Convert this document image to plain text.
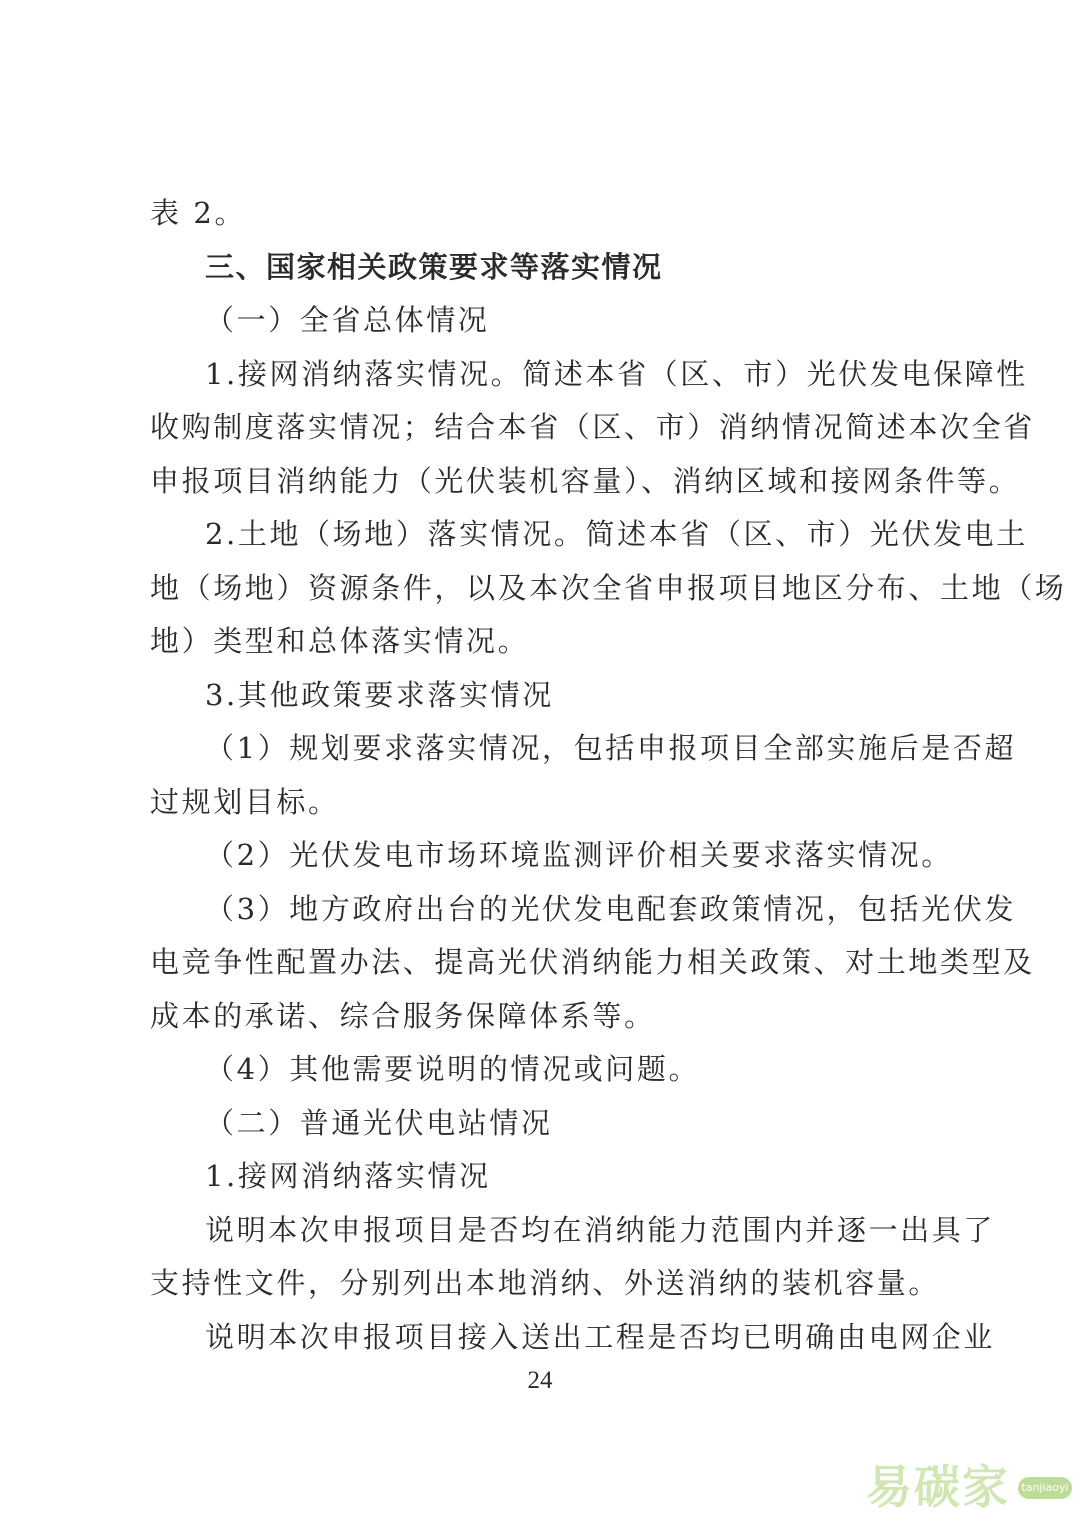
表 2。
三、国家相关政策要求等落实情况
（一）全省总体情况
1.接网消纳落实情况。简述本省（区、市）光伏发电保障性
收购制度落实情况；结合本省（区、市）消纳情况简述本次全省
申报项目消纳能力（光伏装机容量）、消纳区域和接网条件等。
2.土地（场地）落实情况。简述本省（区、市）光伏发电土
地（场地）资源条件，以及本次全省申报项目地区分布、土地（场
地）类型和总体落实情况。
3.其他政策要求落实情况
（1）规划要求落实情况，包括申报项目全部实施后是否超
过规划目标。
（2）光伏发电市场环境监测评价相关要求落实情况。
（3）地方政府出台的光伏发电配套政策情况，包括光伏发
电竞争性配置办法、提高光伏消纳能力相关政策、对土地类型及
成本的承诺、综合服务保障体系等。
（4）其他需要说明的情况或问题。
（二）普通光伏电站情况
1.接网消纳落实情况
说明本次申报项目是否均在消纳能力范围内并逐一出具了
支持性文件，分别列出本地消纳、外送消纳的装机容量。
说明本次申报项目接入送出工程是否均已明确由电网企业
24
易 碳 家	tanjiaoyi
